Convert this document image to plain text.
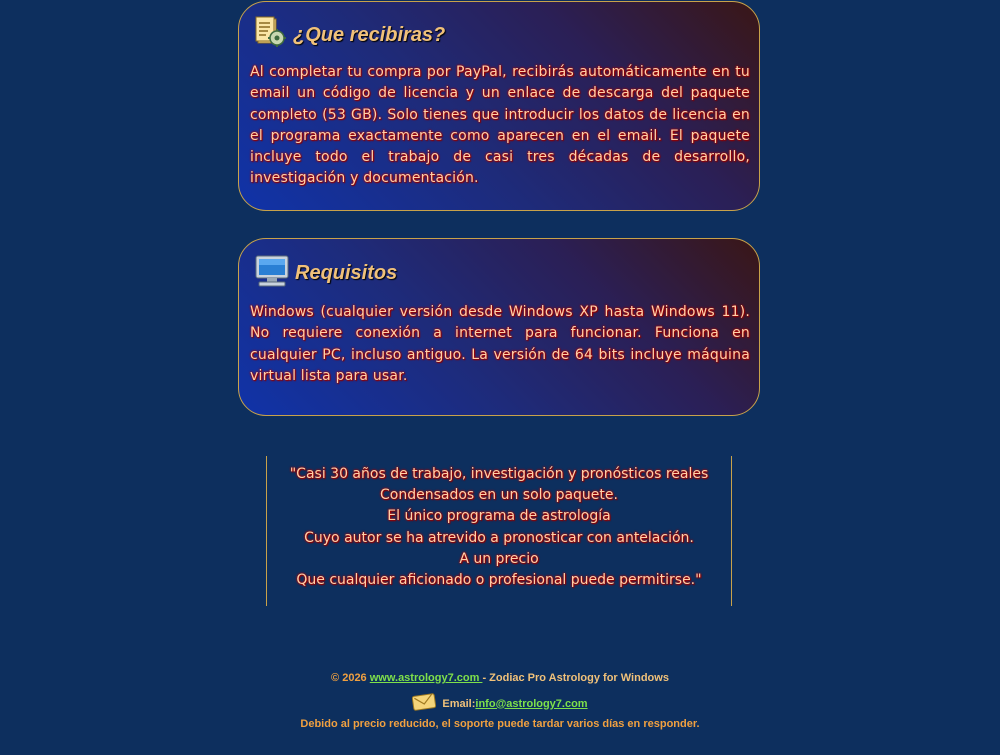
¿Que recibiras?
Al completar tu compra por PayPal, recibirás automáticamente en tu email un código de licencia y un enlace de descarga del paquete completo (53 GB). Solo tienes que introducir los datos de licencia en el programa exactamente como aparecen en el email. El paquete incluye todo el trabajo de casi tres décadas de desarrollo, investigación y documentación.
Requisitos
Windows (cualquier versión desde Windows XP hasta Windows 11). No requiere conexión a internet para funcionar. Funciona en cualquier PC, incluso antiguo. La versión de 64 bits incluye máquina virtual lista para usar.
"Casi 30 años de trabajo, investigación y pronósticos reales
Condensados en un solo paquete.
El único programa de astrología
Cuyo autor se ha atrevido a pronosticar con antelación.
A un precio
Que cualquier aficionado o profesional puede permitirse."
© 2026 www.astrology7.com - Zodiac Pro Astrology for Windows
Email: info@astrology7.com
Debido al precio reducido, el soporte puede tardar varios días en responder.
